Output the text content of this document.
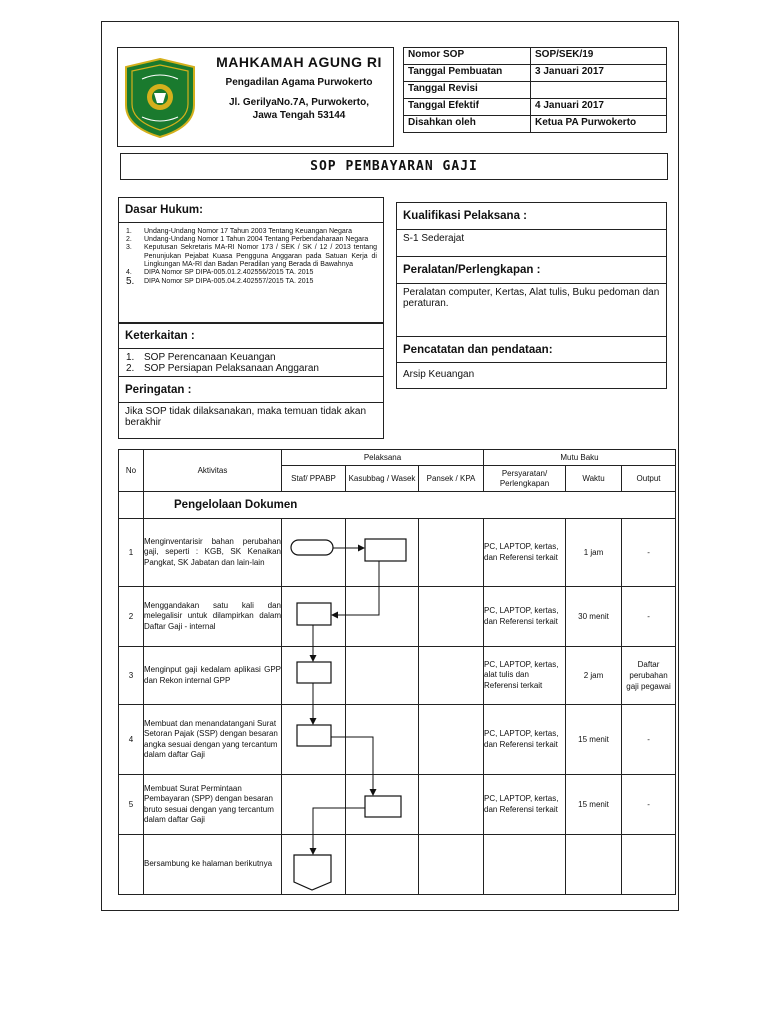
MAHKAMAH AGUNG RI
Pengadilan Agama Purwokerto
Jl. GerilyaNo.7A, Purwokerto,
Jawa Tengah 53144
Nomor SOP	SOP/SEK/19
Tanggal Pembuatan	3 Januari 2017
Tanggal Revisi	
Tanggal Efektif	4 Januari 2017
Disahkan oleh	Ketua PA Purwokerto
SOP PEMBAYARAN GAJI
Dasar Hukum:
1.	Undang-Undang Nomor 17 Tahun 2003 Tentang Keuangan Negara
2.	Undang-Undang Nomor 1 Tahun 2004 Tentang Perbendaharaan Negara
3.	Keputusan Sekretaris MA-RI Nomor 173 / SEK / SK / 12 / 2013 tentang Penunjukan Pejabat Kuasa Pengguna Anggaran pada Satuan Kerja di Lingkungan MA-RI dan Badan Peradilan yang Berada di Bawahnya
4.	DIPA Nomor SP DIPA-005.01.2.402556/2015 TA. 2015
5.	DIPA Nomor SP DIPA-005.04.2.402557/2015 TA. 2015
Keterkaitan :
1. SOP Perencanaan Keuangan
2. SOP Persiapan Pelaksanaan Anggaran
Peringatan :
Jika SOP tidak dilaksanakan, maka temuan tidak akan berakhir
Kualifikasi Pelaksana :
S-1 Sederajat
Peralatan/Perlengkapan :
Peralatan computer, Kertas, Alat tulis, Buku pedoman dan peraturan.
Pencatatan dan pendataan:
Arsip Keuangan
No	Aktivitas	Pelaksana			Mutu Baku		
		Staf/ PPABP	Kasubbag / Wasek	Pansek / KPA	Persyaratan/ Perlengkapan	Waktu	Output
	Pengelolaan Dokumen						
1	Menginventarisir bahan perubahan gaji, seperti : KGB, SK Kenaikan Pangkat, SK Jabatan dan lain-lain				PC, LAPTOP, kertas, dan Referensi terkait	1 jam	-
2	Menggandakan satu kali dan melegalisir untuk dilampirkan dalam Daftar Gaji - internal				PC, LAPTOP, kertas, dan Referensi terkait	30 menit	-
3	Menginput gaji kedalam aplikasi GPP dan Rekon internal GPP				PC, LAPTOP, kertas, alat tulis dan Referensi terkait	2 jam	Daftar perubahan gaji pegawai
4	Membuat dan menandatangani Surat Setoran Pajak (SSP) dengan besaran angka sesuai dengan yang tercantum dalam daftar Gaji				PC, LAPTOP, kertas, dan Referensi terkait	15 menit	-
5	Membuat Surat Permintaan Pembayaran (SPP) dengan besaran bruto sesuai dengan yang tercantum dalam daftar Gaji				PC, LAPTOP, kertas, dan Referensi terkait	15 menit	-
	Bersambung ke halaman berikutnya						
